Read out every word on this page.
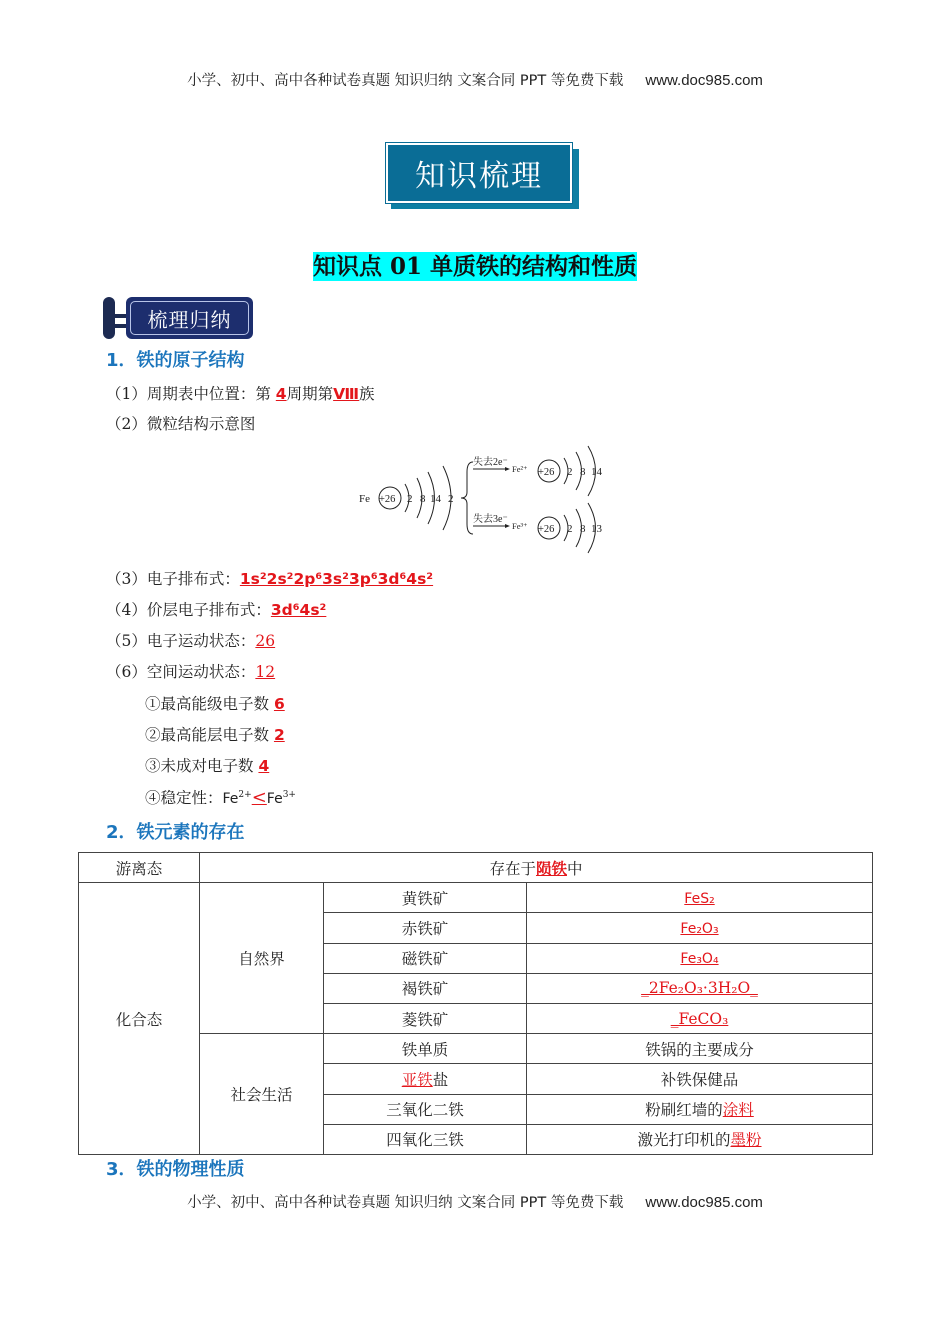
小学、初中、高中各种试卷真题 知识归纳 文案合同 PPT 等免费下载 www.doc985.com
知识梳理
知识点 01 单质铁的结构和性质
梳理归纳
1．铁的原子结构
（1）周期表中位置：第 4周期第Ⅷ族
（2）微粒结构示意图
Fe +26 2 8 14 2
失去2e⁻
Fe²⁺ +26 2 8 14
失去3e⁻
Fe³⁺ +26 2 8 13
（3）电子排布式：1s²2s²2p⁶3s²3p⁶3d⁶4s²
（4）价层电子排布式：3d⁶4s²
（5）电子运动状态：26
（6）空间运动状态：12
①最高能级电子数 6
②最高能层电子数 2
③未成对电子数 4
④稳定性：$Fe^{2+}<Fe^{3+}$
2．铁元素的存在
游离态	存在于陨铁中		
化合态	自然界	黄铁矿	FeS₂
		赤铁矿	Fe₂O₃
		磁铁矿	Fe₃O₄
		褐铁矿	_2Fe₂O₃·3H₂O_
		菱铁矿	_FeCO₃
	社会生活	铁单质	铁锅的主要成分
		亚铁盐	补铁保健品
		三氧化二铁	粉刷红墙的涂料
		四氧化三铁	激光打印机的墨粉
3．铁的物理性质
小学、初中、高中各种试卷真题 知识归纳 文案合同 PPT 等免费下载 www.doc985.com
